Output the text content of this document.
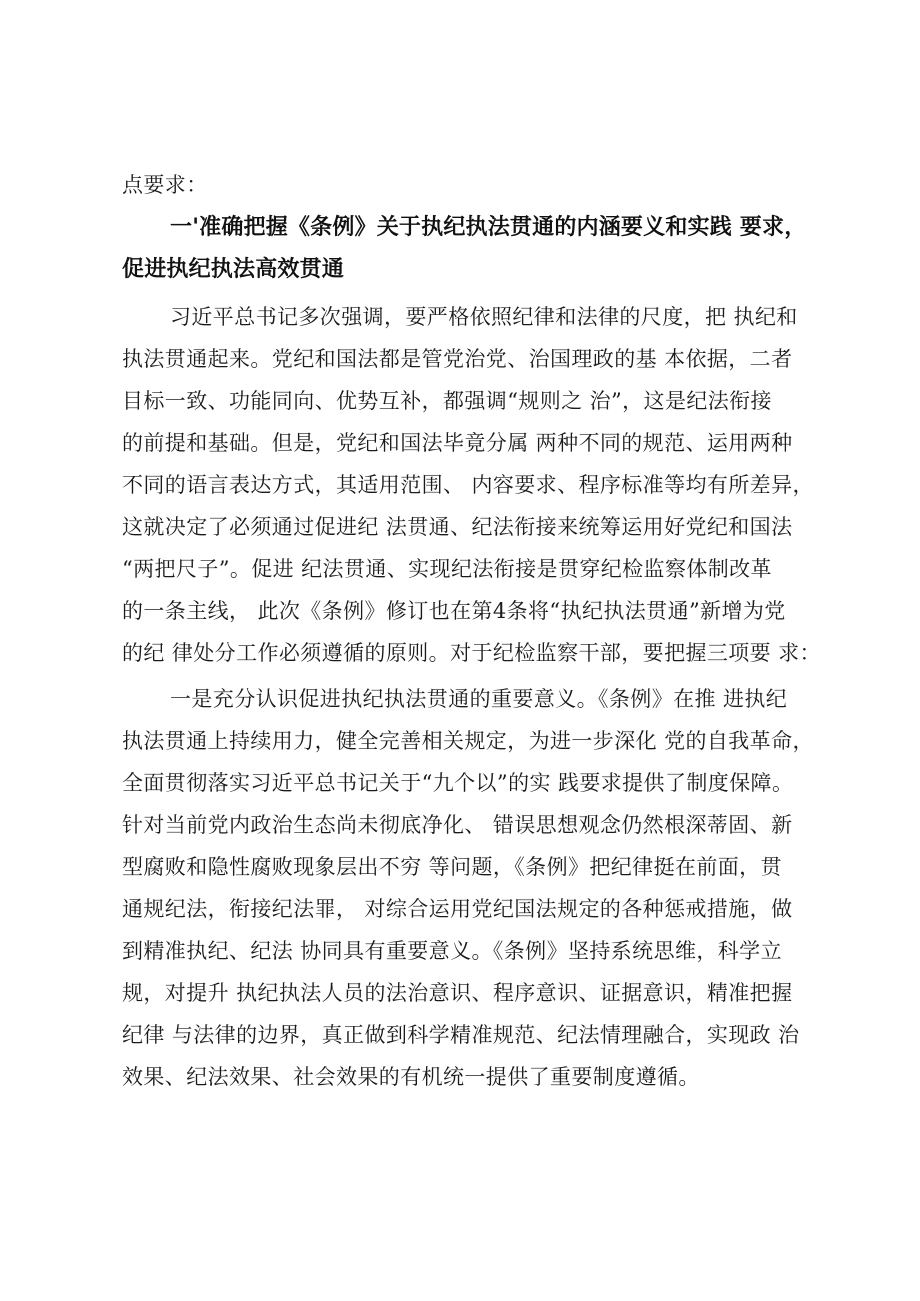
点要求：
一'准确把握《条例》关于执纪执法贯通的内涵要义和实践 要求，
促进执纪执法高效贯通
习近平总书记多次强调，要严格依照纪律和法律的尺度，把 执纪和
执法贯通起来。党纪和国法都是管党治党、治国理政的基 本依据，二者
目标一致、功能同向、优势互补，都强调“规则之 治”，这是纪法衔接
的前提和基础。但是，党纪和国法毕竟分属 两种不同的规范、运用两种
不同的语言表达方式，其适用范围、 内容要求、程序标准等均有所差异，
这就决定了必须通过促进纪 法贯通、纪法衔接来统筹运用好党纪和国法
“两把尺子”。促进 纪法贯通、实现纪法衔接是贯穿纪检监察体制改革
的一条主线， 此次《条例》修订也在第4条将“执纪执法贯通”新增为党
的纪 律处分工作必须遵循的原则。对于纪检监察干部，要把握三项要 求：
一是充分认识促进执纪执法贯通的重要意义。《条例》在推 进执纪
执法贯通上持续用力，健全完善相关规定，为进一步深化 党的自我革命，
全面贯彻落实习近平总书记关于“九个以”的实 践要求提供了制度保障。
针对当前党内政治生态尚未彻底净化、 错误思想观念仍然根深蒂固、新
型腐败和隐性腐败现象层出不穷 等问题，《条例》把纪律挺在前面，贯
通规纪法，衔接纪法罪， 对综合运用党纪国法规定的各种惩戒措施，做
到精准执纪、纪法 协同具有重要意义。《条例》坚持系统思维，科学立
规，对提升 执纪执法人员的法治意识、程序意识、证据意识，精准把握
纪律 与法律的边界，真正做到科学精准规范、纪法情理融合，实现政 治
效果、纪法效果、社会效果的有机统一提供了重要制度遵循。
